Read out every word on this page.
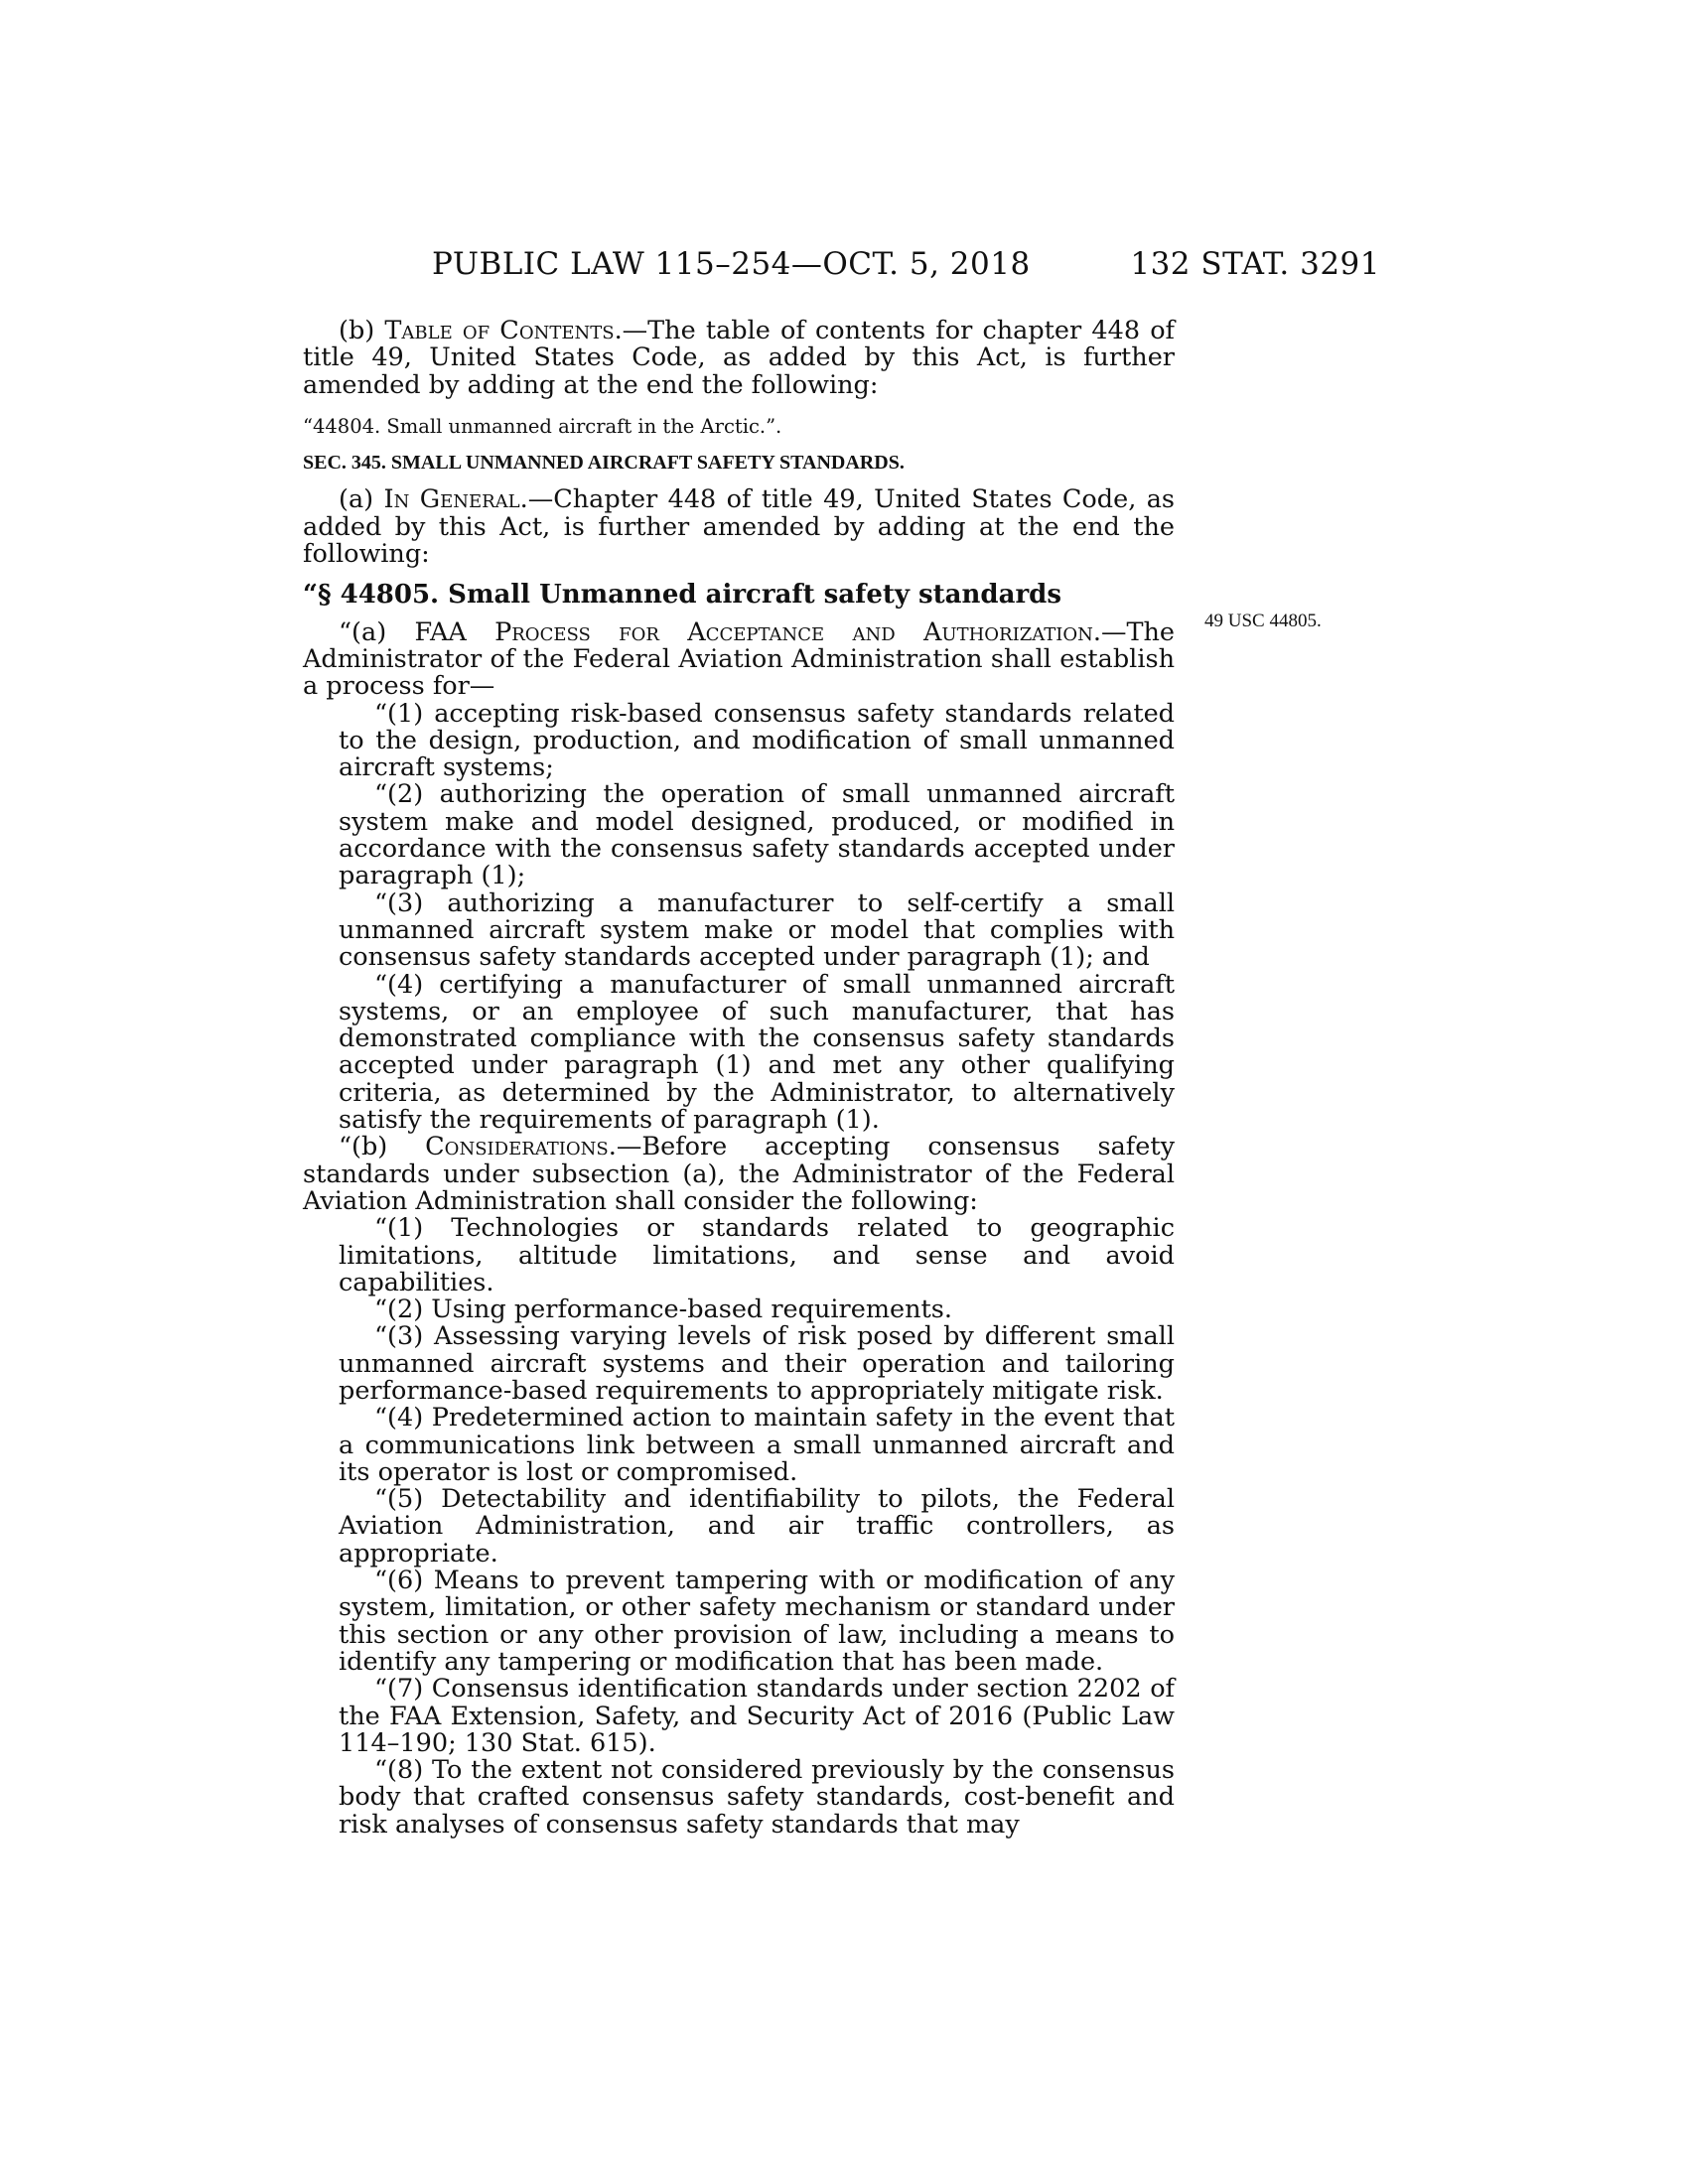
PUBLIC LAW 115–254—OCT. 5, 2018	132 STAT. 3291
49 USC 44805.

(b) Table of Contents.—The table of contents for chapter 448 of title 49, United States Code, as added by this Act, is further amended by adding at the end the following:

“44804. Small unmanned aircraft in the Arctic.”.

SEC. 345. SMALL UNMANNED AIRCRAFT SAFETY STANDARDS.

(a) In General.—Chapter 448 of title 49, United States Code, as added by this Act, is further amended by adding at the end the following:

“§ 44805. Small Unmanned aircraft safety standards

“(a) FAA Process for Acceptance and Authorization.—The Administrator of the Federal Aviation Administration shall establish a process for—

“(1) accepting risk-based consensus safety standards related to the design, production, and modification of small unmanned aircraft systems;

“(2) authorizing the operation of small unmanned aircraft system make and model designed, produced, or modified in accordance with the consensus safety standards accepted under paragraph (1);

“(3) authorizing a manufacturer to self-certify a small unmanned aircraft system make or model that complies with consensus safety standards accepted under paragraph (1); and

“(4) certifying a manufacturer of small unmanned aircraft systems, or an employee of such manufacturer, that has demonstrated compliance with the consensus safety standards accepted under paragraph (1) and met any other qualifying criteria, as determined by the Administrator, to alternatively satisfy the requirements of paragraph (1).

“(b) Considerations.—Before accepting consensus safety standards under subsection (a), the Administrator of the Federal Aviation Administration shall consider the following:

“(1) Technologies or standards related to geographic limitations, altitude limitations, and sense and avoid capabilities.

“(2) Using performance-based requirements.

“(3) Assessing varying levels of risk posed by different small unmanned aircraft systems and their operation and tailoring performance-based requirements to appropriately mitigate risk.

“(4) Predetermined action to maintain safety in the event that a communications link between a small unmanned aircraft and its operator is lost or compromised.

“(5) Detectability and identifiability to pilots, the Federal Aviation Administration, and air traffic controllers, as appropriate.

“(6) Means to prevent tampering with or modification of any system, limitation, or other safety mechanism or standard under this section or any other provision of law, including a means to identify any tampering or modification that has been made.

“(7) Consensus identification standards under section 2202 of the FAA Extension, Safety, and Security Act of 2016 (Public Law 114–190; 130 Stat. 615).

“(8) To the extent not considered previously by the consensus body that crafted consensus safety standards, cost-benefit and risk analyses of consensus safety standards that may
